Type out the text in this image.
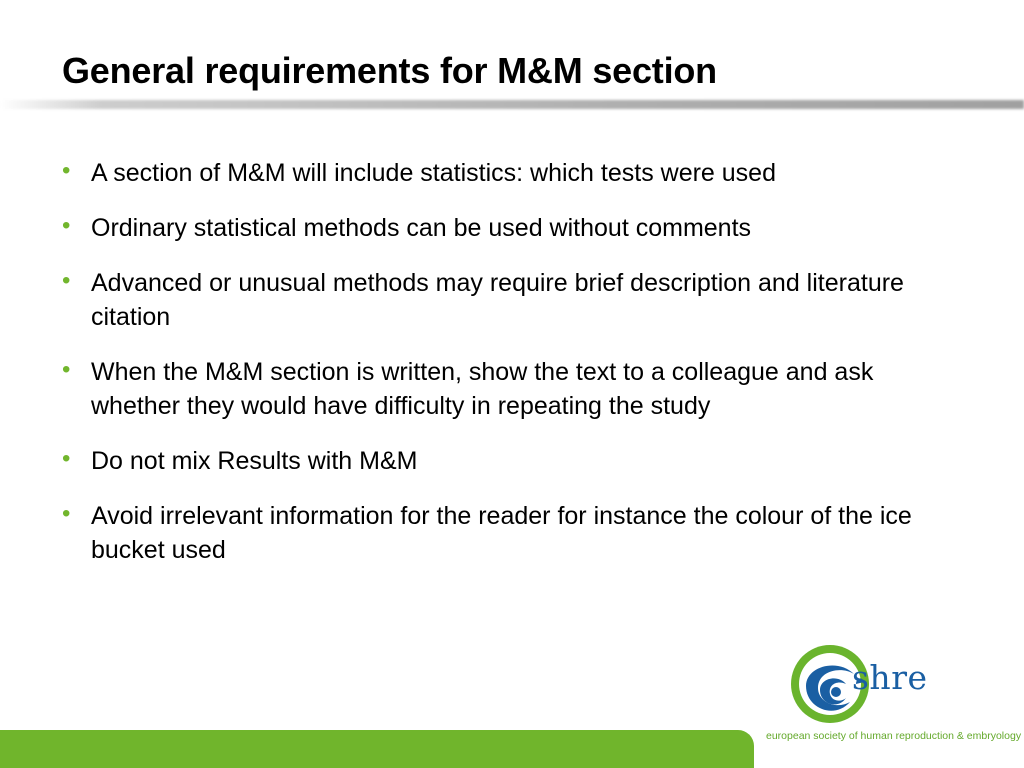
General requirements for M&M section
• A section of M&M will include statistics: which tests were used
• Ordinary statistical methods can be used without comments
• Advanced or unusual methods may require brief description and literature citation
• When the M&M section is written, show the text to a colleague and ask whether they would have difficulty in repeating the study
• Do not mix Results with M&M
• Avoid irrelevant information for the reader for instance the colour of the ice bucket used
shre
european society of human reproduction & embryology
